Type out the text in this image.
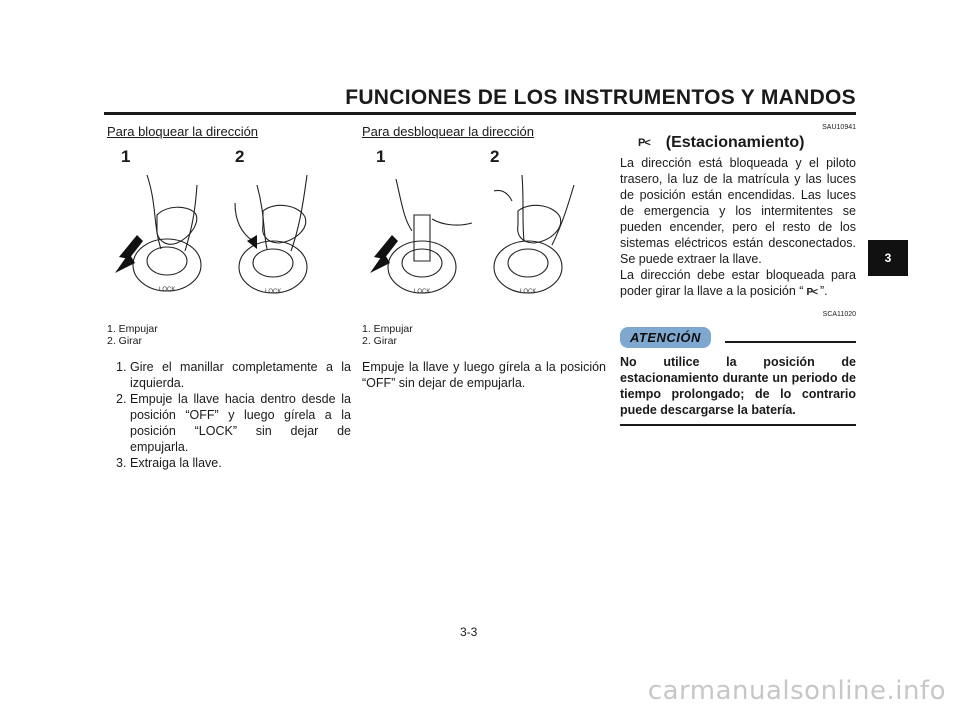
FUNCIONES DE LOS INSTRUMENTOS Y MANDOS
Para bloquear la dirección
1	2
LOCK	LOCK
1. Empujar
2. Girar
1. Gire el manillar completamente a la izquierda.
2. Empuje la llave hacia dentro desde la posición “OFF” y luego gírela a la posición “LOCK” sin dejar de empujarla.
3. Extraiga la llave.
Para desbloquear la dirección
1	2
LOCK	LOCK
1. Empujar
2. Girar
Empuje la llave y luego gírela a la posición “OFF” sin dejar de empujarla.
SAU10941
P< (Estacionamiento)
La dirección está bloqueada y el piloto trasero, la luz de la matrícula y las luces de posición están encendidas. Las luces de emergencia y los intermitentes se pueden encender, pero el resto de los sistemas eléctricos están desconectados. Se puede extraer la llave.
La dirección debe estar bloqueada para poder girar la llave a la posición “ P< ”.
SCA11020
ATENCIÓN
No utilice la posición de estacionamiento durante un periodo de tiempo prolongado; de lo contrario puede descargarse la batería.
3
3-3
carmanualsonline.info
